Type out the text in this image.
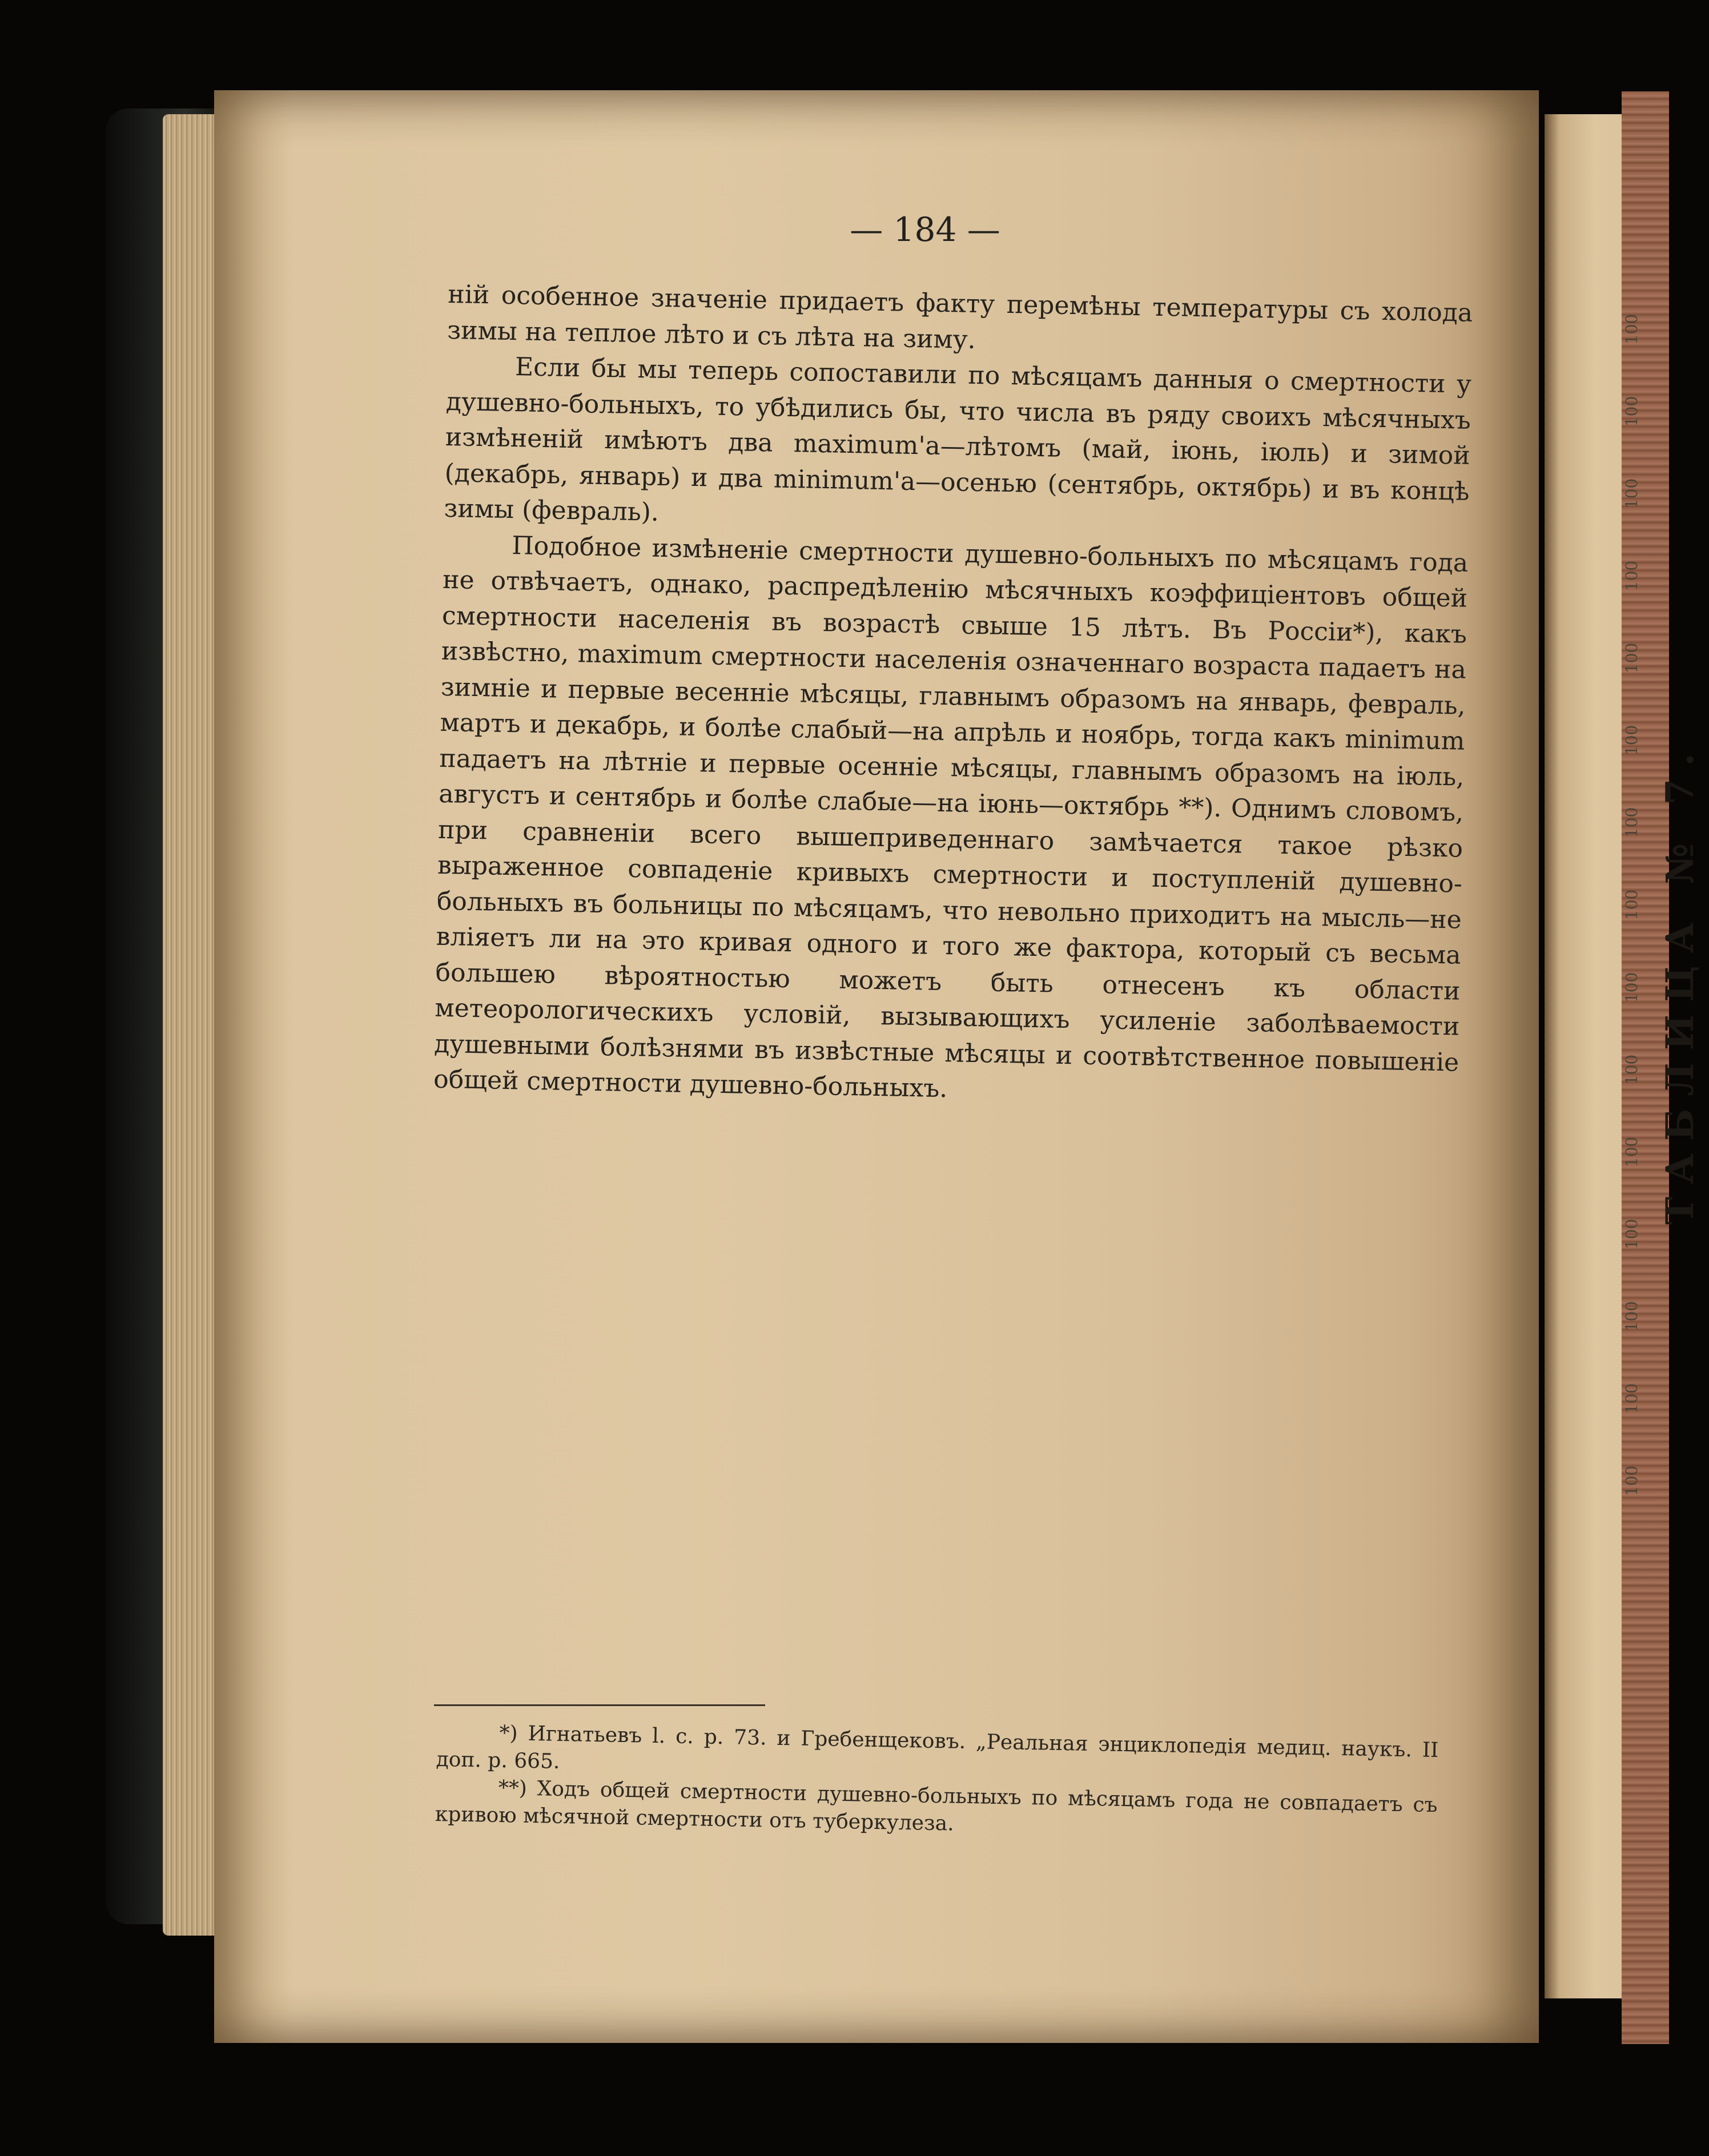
100
100
100
100
100
100
100
100
100
100
100
100
100
100
100
ТАБЛИЦА № 7.
— 184 —

ній особенное значеніе придаетъ факту перемѣны температуры съ холода зимы на теплое лѣто и съ лѣта на зиму.

Если бы мы теперь сопоставили по мѣсяцамъ данныя о смертности у душевно-больныхъ, то убѣдились бы, что числа въ ряду своихъ мѣсячныхъ измѣненій имѣютъ два maximum'а—лѣтомъ (май, іюнь, іюль) и зимой (декабрь, январь) и два minimum'а—осенью (сентябрь, октябрь) и въ концѣ зимы (февраль).

Подобное измѣненіе смертности душевно-больныхъ по мѣсяцамъ года не отвѣчаетъ, однако, распредѣленію мѣсячныхъ коэффиціентовъ общей смертности населенія въ возрастѣ свыше 15 лѣтъ. Въ Россіи*), какъ извѣстно, maximum смертности населенія означеннаго возраста падаетъ на зимніе и первые весенніе мѣсяцы, главнымъ образомъ на январь, февраль, мартъ и декабрь, и болѣе слабый—на апрѣль и ноябрь, тогда какъ minimum падаетъ на лѣтніе и первые осенніе мѣсяцы, главнымъ образомъ на іюль, августъ и сентябрь и болѣе слабые—на іюнь—октябрь **). Однимъ словомъ, при сравненіи всего вышеприведеннаго замѣчается такое рѣзко выраженное совпаденіе кривыхъ смертности и поступленій душевно-больныхъ въ больницы по мѣсяцамъ, что невольно приходитъ на мысль—не вліяетъ ли на это кривая одного и того же фактора, который съ весьма большею вѣроятностью можетъ быть отнесенъ къ области метеорологическихъ условій, вызывающихъ усиленіе заболѣваемости душевными болѣзнями въ извѣстные мѣсяцы и соотвѣтственное повышеніе общей смертности душевно-больныхъ.

*) Игнатьевъ l. c. p. 73. и Гребенщековъ. „Реальная энциклопедія медиц. наукъ. II доп. p. 665.

**) Ходъ общей смертности душевно-больныхъ по мѣсяцамъ года не совпадаетъ съ кривою мѣсячной смертности отъ туберкулеза.
